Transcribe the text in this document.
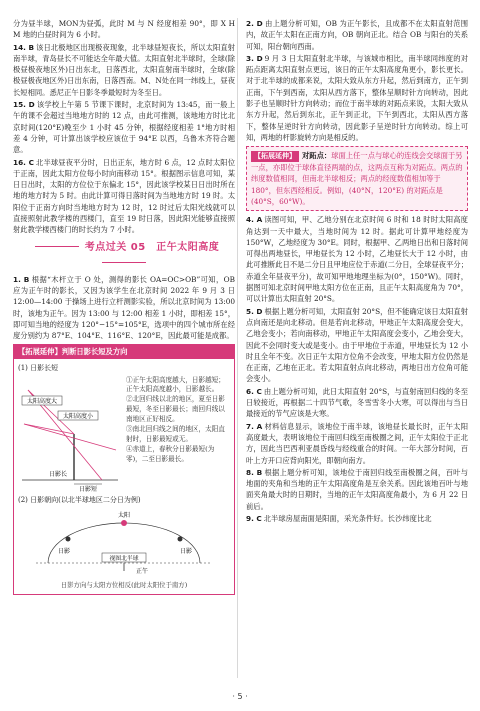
分为昼半球，MON为昼弧，此时 M 与 N 经度相差 90°，即 X H M 地的白昼时间为 6 小时。

14. B 该日北极地区出现极夜现象，北半球昼短夜长，所以太阳直射南半球，青岛昼长不可能达全年最大值。太阳直射北半球时，全球(除极昼极夜地区外)日出东北，日落西北，太阳直射南半球时，全球(除极昼极夜地区外)日出东南，日落西南。M、N处在同一纬线上，昼夜长短相同。悉尼正午日影冬季最短时为冬至日。

15. D 该学校上午第 5 节课下课时，北京时间为 13:45，而一般上午的课不会超过当地地方时的 12 点，由此可推测，该地地方时比北京时间(120°E)晚至少 1 小时 45 分钟，根据经度相差 1°地方时相差 4 分钟，可计算出该学校应该位于 94°E 以西，乌鲁木齐符合题意。

16. C 北半球昼夜平分时，日出正东，地方时 6 点，12 点时太阳位于正南，因此太阳方位每小时向南移动 15°。根据图示信息可知，某日日出时，太阳的方位位于东偏北 15°，因此该学校某日日出时所在地的地方时为 5 时。由此计算可得日落时间为当地地方时 19 时。太阳位于正南方向时当地地方时为 12 时，12 时过后太阳光线就可以直接照射此教学楼的西楼门，直至 19 时日落，因此阳光能够直接照射此教学楼西楼门的时长约为 7 小时。

考点过关 05　正午太阳高度

1. B 根据“木杆立于 O 处，测得的影长 OA=OC>OB”可知，OB 应为正午时的影长，又因为该学生在北京时间 2022 年 9 月 3 日 12:00—14:00 于操场上进行立杆测影实验，所以北京时间为 13:00 时，该地为正午。因为 13:00 与 12:00 相差 1 小时，即相差 15°，即可知当地的经度为 120°−15°=105°E，选项中的四个城市所在经度分别约为 87°E、104°E、116°E、120°E，因此最可能是成都。

【拓展延伸】判断日影长短及方向
(1) 日影长短
太阳高度大
太阳高度小
日影短
日影长
①正午太阳高度越大，日影越短；正午太阳高度越小，日影越长。
②北回归线以北的地区，夏至日影最短，冬至日影最长；南回归线以南地区正好相反。
③南北回归线之间的地区，太阳直射时，日影最短或无。
④赤道上，春秋分日影最短(为零)，二至日影最长。
(2) 日影朝向(以北半球地区二分日为例)
视图北半球
日影	日影
太阳
正午
日影方向与太阳方位相反(此时太阳位于南方)

2. D 由上题分析可知，OB 为正午影长，且成都不在太阳直射范围内，故正午太阳在正南方向，OB 朝向正北。结合 OB 与阳台的关系可知，阳台朝向西南。

3. D 9 月 3 日太阳直射北半球，与该城市相比，南半球同纬度的对跖点距离太阳直射点更远，该日的正午太阳高度角更小，影长更长。对于北半球的成都来说，太阳大致从东方升起，然后到南方，正午到正南，下午到西南，太阳从西方落下，整体呈顺时针方向转动，因此影子也呈顺时针方向转动；而位于南半球的对跖点来说，太阳大致从东方升起，然后到东北，正午到正北，下午到西北，太阳从西方落下，整体呈逆时针方向转动，因此影子呈逆时针方向转动。综上可知，两地的杆影旋转方向是相反的。

【拓展延伸】 对跖点：球面上任一点与球心的连线会交球面于另一点，亦即位于球体直径两端的点，这两点互称为对跖点。两点的纬度数值相同，但南北半球相反；两点的经度数值相加等于 180°，但东西经相反。例如，(40°N，120°E) 的对跖点是(40°S，60°W)。

4. A 读图可知，甲、乙地分别在北京时间 6 时和 18 时时太阳高度角达到一天中最大，当地时间为 12 时。据此可计算甲地经度为 150°W，乙地经度为 30°E。同时，根据甲、乙两地日出和日落时间可得出两地昼长，甲地昼长为 12 小时，乙地昼长大于 12 小时，由此可推断此日不是二分日且甲地应位于赤道(二分日，全球昼夜平分；赤道全年昼夜平分)，故可知甲地地理坐标为(0°，150°W)。同时，据图可知北京时间甲地太阳方位在正南，且正午太阳高度角为 70°，可以计算出太阳直射 20°S。

5. D 根据上题分析可知，太阳直射 20°S，但不能确定该日太阳直射点向南还是向北移动。但是若向北移动，甲地正午太阳高度会变大，乙地会变小；若向南移动，甲地正午太阳高度会变小，乙地会变大，因此不会同时变大或是变小。由于甲地位于赤道，甲地昼长为 12 小时且全年不变。次日正午太阳方位角不会改变，甲地太阳方位仍然是在正南，乙地在正北。若太阳直射点向北移动，两地日出方位角可能会变小。

6. C 由上题分析可知，此日太阳直射 20°S，与直射南回归线的冬至日较接近，再根据二十四节气歌，冬雪雪冬小大寒，可以得出与当日最接近的节气应该是大寒。

7. A 材料信息显示，该地位于南半球，该地昼长最长时，正午太阳高度最大，表明该地位于南回归线至南极圈之间，正午太阳位于正北方，因此当巴西利亚晨昏线与经线重合的时间。一年大部分时间，百叶上方开口应背向阳光，即朝向南方。

8. B 根据上题分析可知，该地位于南回归线至南极圈之间，百叶与地面的夹角和当地的正午太阳高度角是互余关系。因此该地百叶与地面夹角最大时的日期时，当地的正午太阳高度角最小，为 6 月 22 日前后。

9. C 北半球房屋南面是阳面，采光条件好。长沙纬度比北

· 5 ·
